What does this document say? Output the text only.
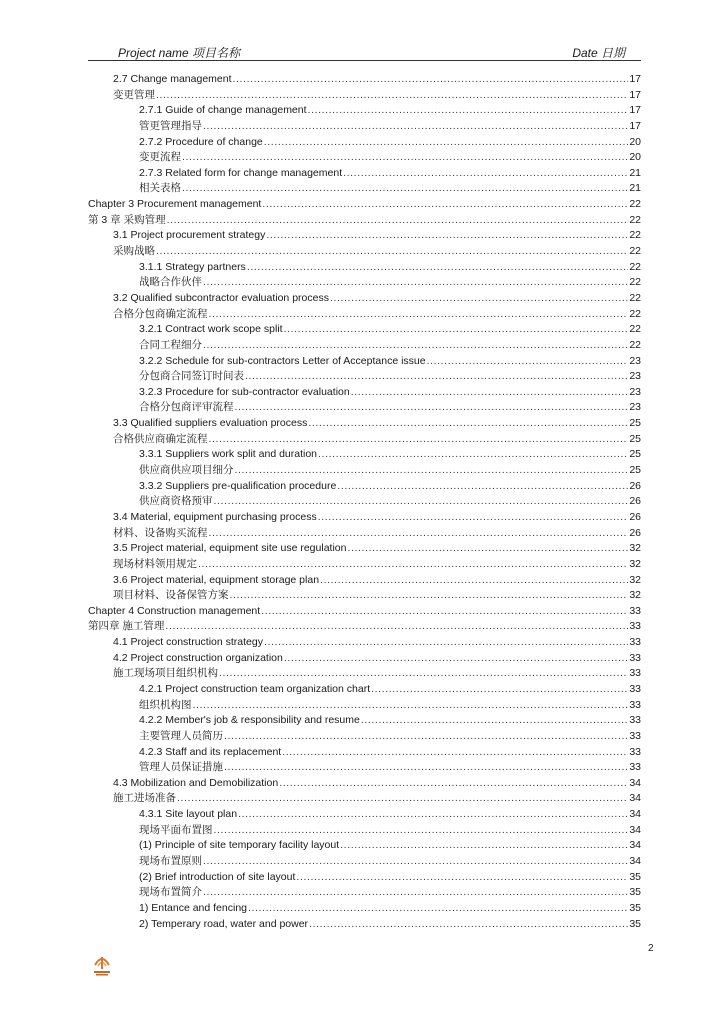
Project name 项目名称	Date 日期
2.7 Change management .....	17
变更管理 .....	17
2.7.1 Guide of change management .....	17
管更管理指导 .....	17
2.7.2 Procedure of change .....	20
变更流程 .....	20
2.7.3 Related form for change management .....	21
相关表格 .....	21
Chapter 3 Procurement management .....	22
第 3 章 采购管理 .....	22
3.1 Project procurement strategy .....	22
采购战略 .....	22
3.1.1 Strategy partners .....	22
战略合作伙伴 .....	22
3.2 Qualified subcontractor evaluation process .....	22
合格分包商确定流程 .....	22
3.2.1 Contract work scope split .....	22
合同工程细分 .....	22
3.2.2 Schedule for sub-contractors Letter of Acceptance issue .....	23
分包商合同签订时间表 .....	23
3.2.3 Procedure for sub-contractor evaluation .....	23
合格分包商评审流程 .....	23
3.3 Qualified suppliers evaluation process .....	25
合格供应商确定流程 .....	25
3.3.1 Suppliers work split and duration .....	25
供应商供应项目细分 .....	25
3.3.2 Suppliers pre-qualification procedure .....	26
供应商资格预审 .....	26
3.4 Material, equipment purchasing process .....	26
材料、设备购买流程 .....	26
3.5 Project material, equipment site use regulation .....	32
现场材料领用规定 .....	32
3.6 Project material, equipment storage plan .....	32
项目材料、设备保管方案 .....	32
Chapter 4 Construction management .....	33
第四章 施工管理 .....	33
4.1 Project construction strategy .....	33
4.2 Project construction organization .....	33
施工现场项目组织机构 .....	33
4.2.1 Project construction team organization chart .....	33
组织机构图 .....	33
4.2.2 Member's job & responsibility and resume .....	33
主要管理人员简历 .....	33
4.2.3 Staff and its replacement .....	33
管理人员保证措施 .....	33
4.3 Mobilization and Demobilization .....	34
施工进场准备 .....	34
4.3.1 Site layout plan .....	34
现场平面布置图 .....	34
(1) Principle of site temporary facility layout .....	34
现场布置原则 .....	34
(2) Brief introduction of site layout .....	35
现场布置简介 .....	35
1) Entance and fencing .....	35
2) Temperary road, water and power .....	35
2
